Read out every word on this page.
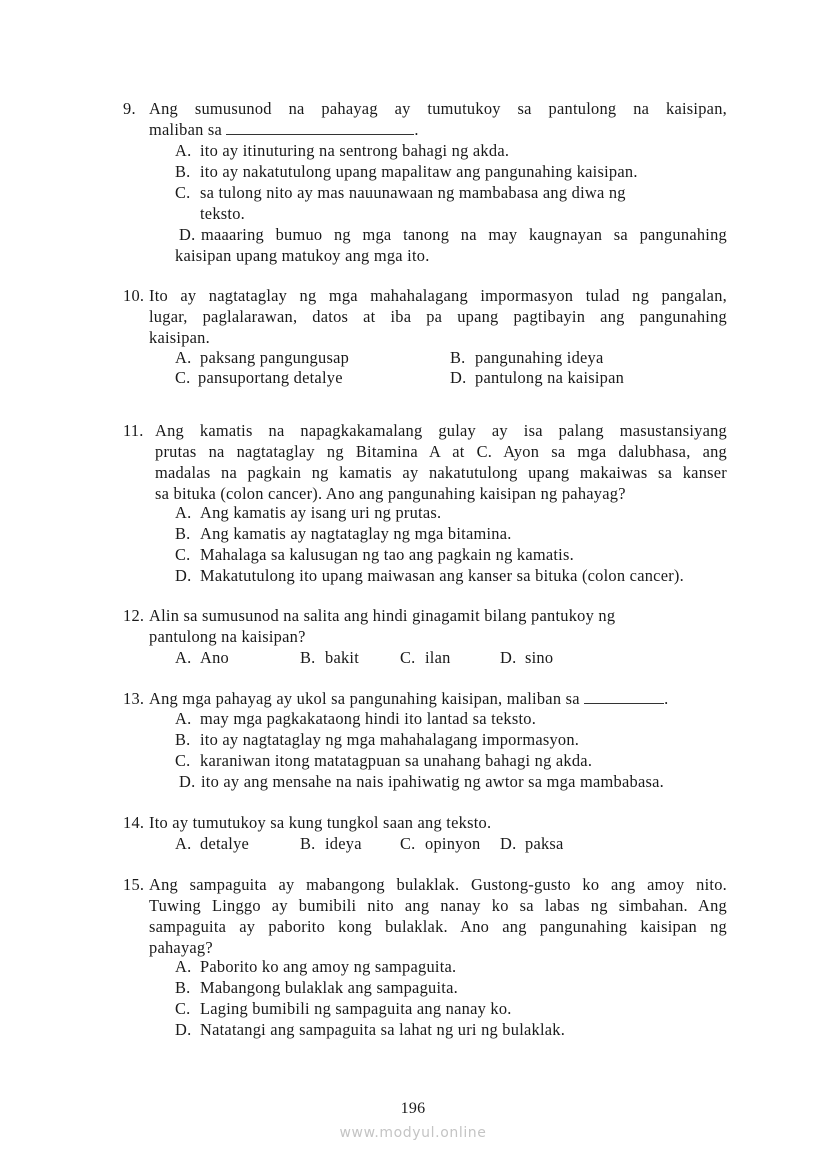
9. Ang sumusunod na pahayag ay tumutukoy sa pantulong na kaisipan,
maliban sa	.
A. ito ay itinuturing na sentrong bahagi ng akda.
B. ito ay nakatutulong upang mapalitaw ang pangunahing kaisipan.
C. sa tulong nito ay mas nauunawaan ng mambabasa ang diwa ng
teksto.
D. maaaring bumuo ng mga tanong na may kaugnayan sa pangunahing
kaisipan upang matukoy ang mga ito.
10. Ito ay nagtataglay ng mga mahahalagang impormasyon tulad ng pangalan,
lugar, paglalarawan, datos at iba pa upang pagtibayin ang pangunahing
kaisipan.
A. paksang pangungusap	B. pangunahing ideya
C. pansuportang detalye	D. pantulong na kaisipan
11. Ang kamatis na napagkakamalang gulay ay isa palang masustansiyang
prutas na nagtataglay ng Bitamina A at C. Ayon sa mga dalubhasa, ang
madalas na pagkain ng kamatis ay nakatutulong upang makaiwas sa kanser
sa bituka (colon cancer). Ano ang pangunahing kaisipan ng pahayag?
A. Ang kamatis ay isang uri ng prutas.
B. Ang kamatis ay nagtataglay ng mga bitamina.
C. Mahalaga sa kalusugan ng tao ang pagkain ng kamatis.
D. Makatutulong ito upang maiwasan ang kanser sa bituka (colon cancer).
12. Alin sa sumusunod na salita ang hindi ginagamit bilang pantukoy ng
pantulong na kaisipan?
A. Ano	B. bakit C. ilan	D. sino
13. Ang mga pahayag ay ukol sa pangunahing kaisipan, maliban sa	.
A. may mga pagkakataong hindi ito lantad sa teksto.
B. ito ay nagtataglay ng mga mahahalagang impormasyon.
C. karaniwan itong matatagpuan sa unahang bahagi ng akda.
D. ito ay ang mensahe na nais ipahiwatig ng awtor sa mga mambabasa.
14. Ito ay tumutukoy sa kung tungkol saan ang teksto.
A. detalye	B. ideya C. opinyon D. paksa
15. Ang sampaguita ay mabangong bulaklak. Gustong-gusto ko ang amoy nito.
Tuwing Linggo ay bumibili nito ang nanay ko sa labas ng simbahan. Ang
sampaguita ay paborito kong bulaklak. Ano ang pangunahing kaisipan ng
pahayag?
A. Paborito ko ang amoy ng sampaguita.
B. Mabangong bulaklak ang sampaguita.
C. Laging bumibili ng sampaguita ang nanay ko.
D. Natatangi ang sampaguita sa lahat ng uri ng bulaklak.
196
www.modyul.online
